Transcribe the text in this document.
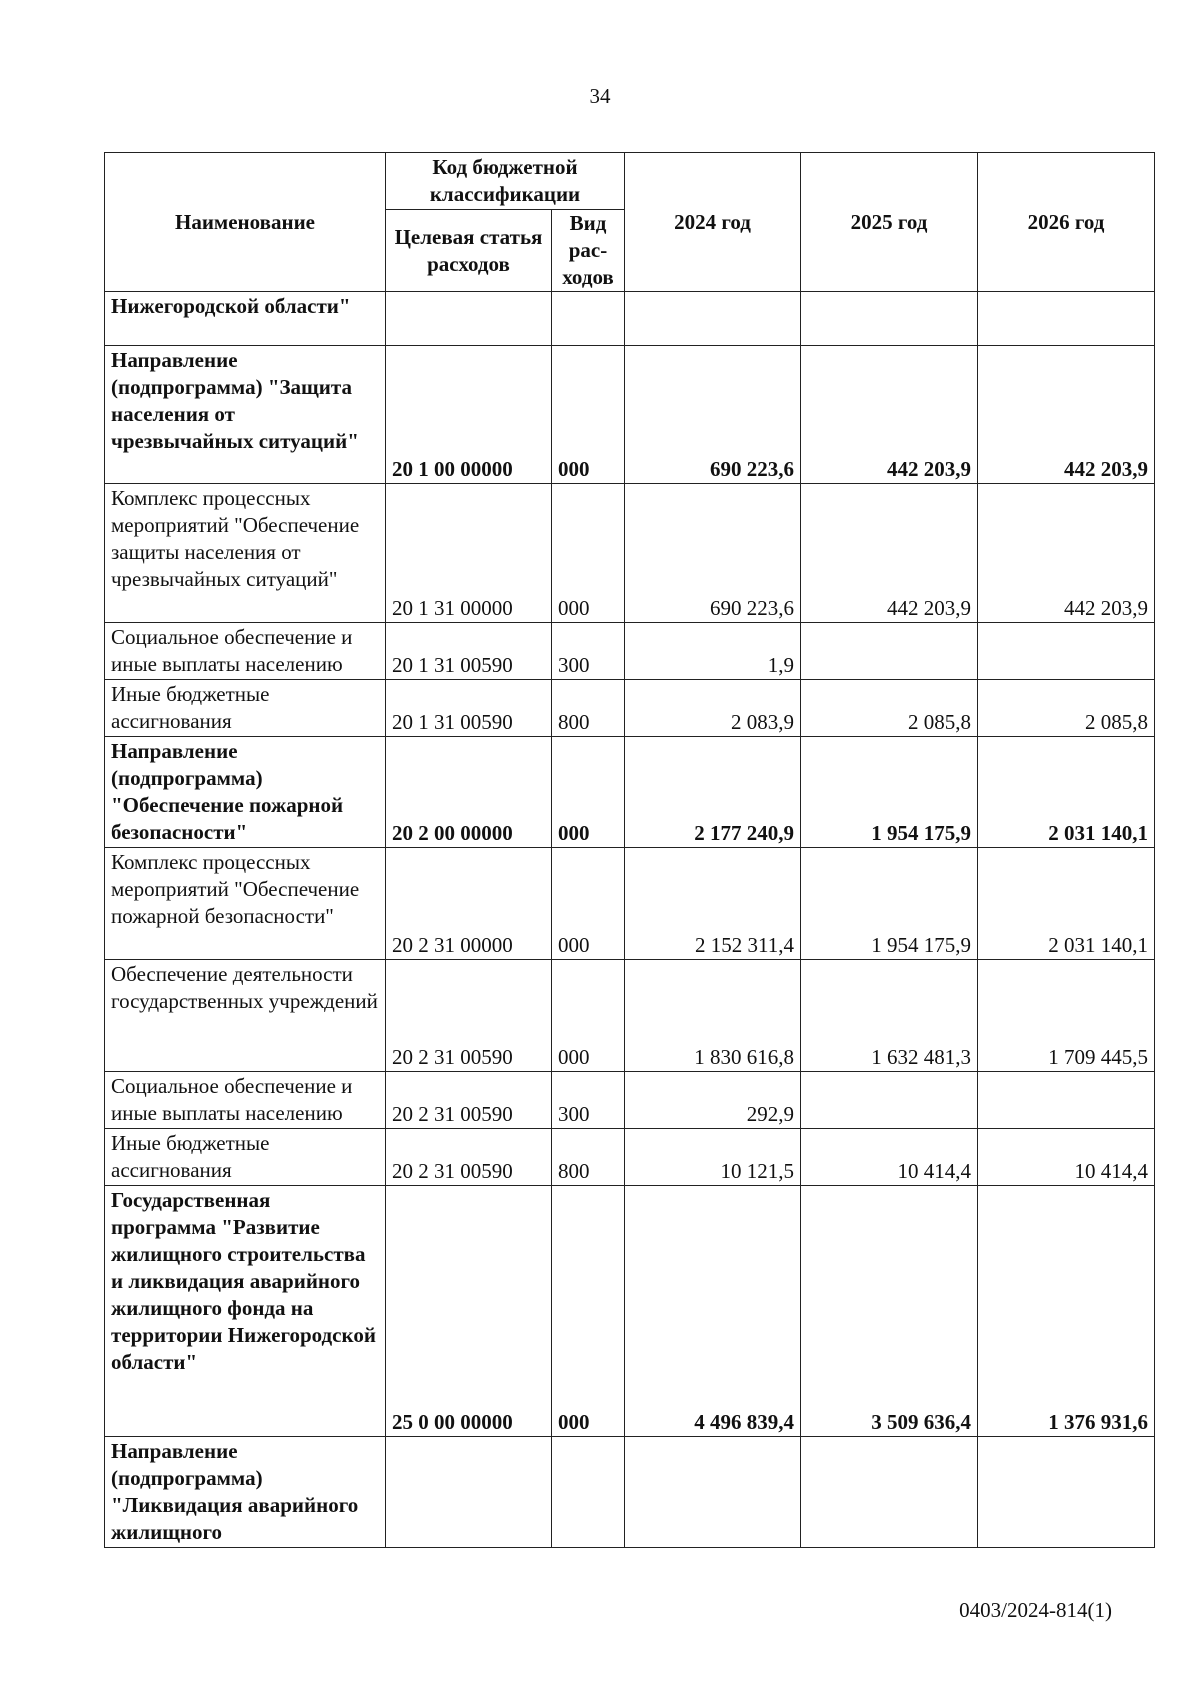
34
Наименование	Код бюджетной классификации		2024 год	2025 год	2026 год
	Целевая статья расходов	Вид рас-ходов			
Нижегородской области"					
Направление (подпрограмма) "Защита населения от чрезвычайных ситуаций"	20 1 00 00000	000	690 223,6	442 203,9	442 203,9
Комплекс процессных мероприятий "Обеспечение защиты населения от чрезвычайных ситуаций"	20 1 31 00000	000	690 223,6	442 203,9	442 203,9
Социальное обеспечение и иные выплаты населению	20 1 31 00590	300	1,9		
Иные бюджетные ассигнования	20 1 31 00590	800	2 083,9	2 085,8	2 085,8
Направление (подпрограмма) "Обеспечение пожарной безопасности"	20 2 00 00000	000	2 177 240,9	1 954 175,9	2 031 140,1
Комплекс процессных мероприятий "Обеспечение пожарной безопасности"	20 2 31 00000	000	2 152 311,4	1 954 175,9	2 031 140,1
Обеспечение деятельности государственных учреждений	20 2 31 00590	000	1 830 616,8	1 632 481,3	1 709 445,5
Социальное обеспечение и иные выплаты населению	20 2 31 00590	300	292,9		
Иные бюджетные ассигнования	20 2 31 00590	800	10 121,5	10 414,4	10 414,4
Государственная программа "Развитие жилищного строительства и ликвидация аварийного жилищного фонда на территории Нижегородской области"	25 0 00 00000	000	4 496 839,4	3 509 636,4	1 376 931,6
Направление (подпрограмма) "Ликвидация аварийного жилищного					
0403/2024-814(1)
